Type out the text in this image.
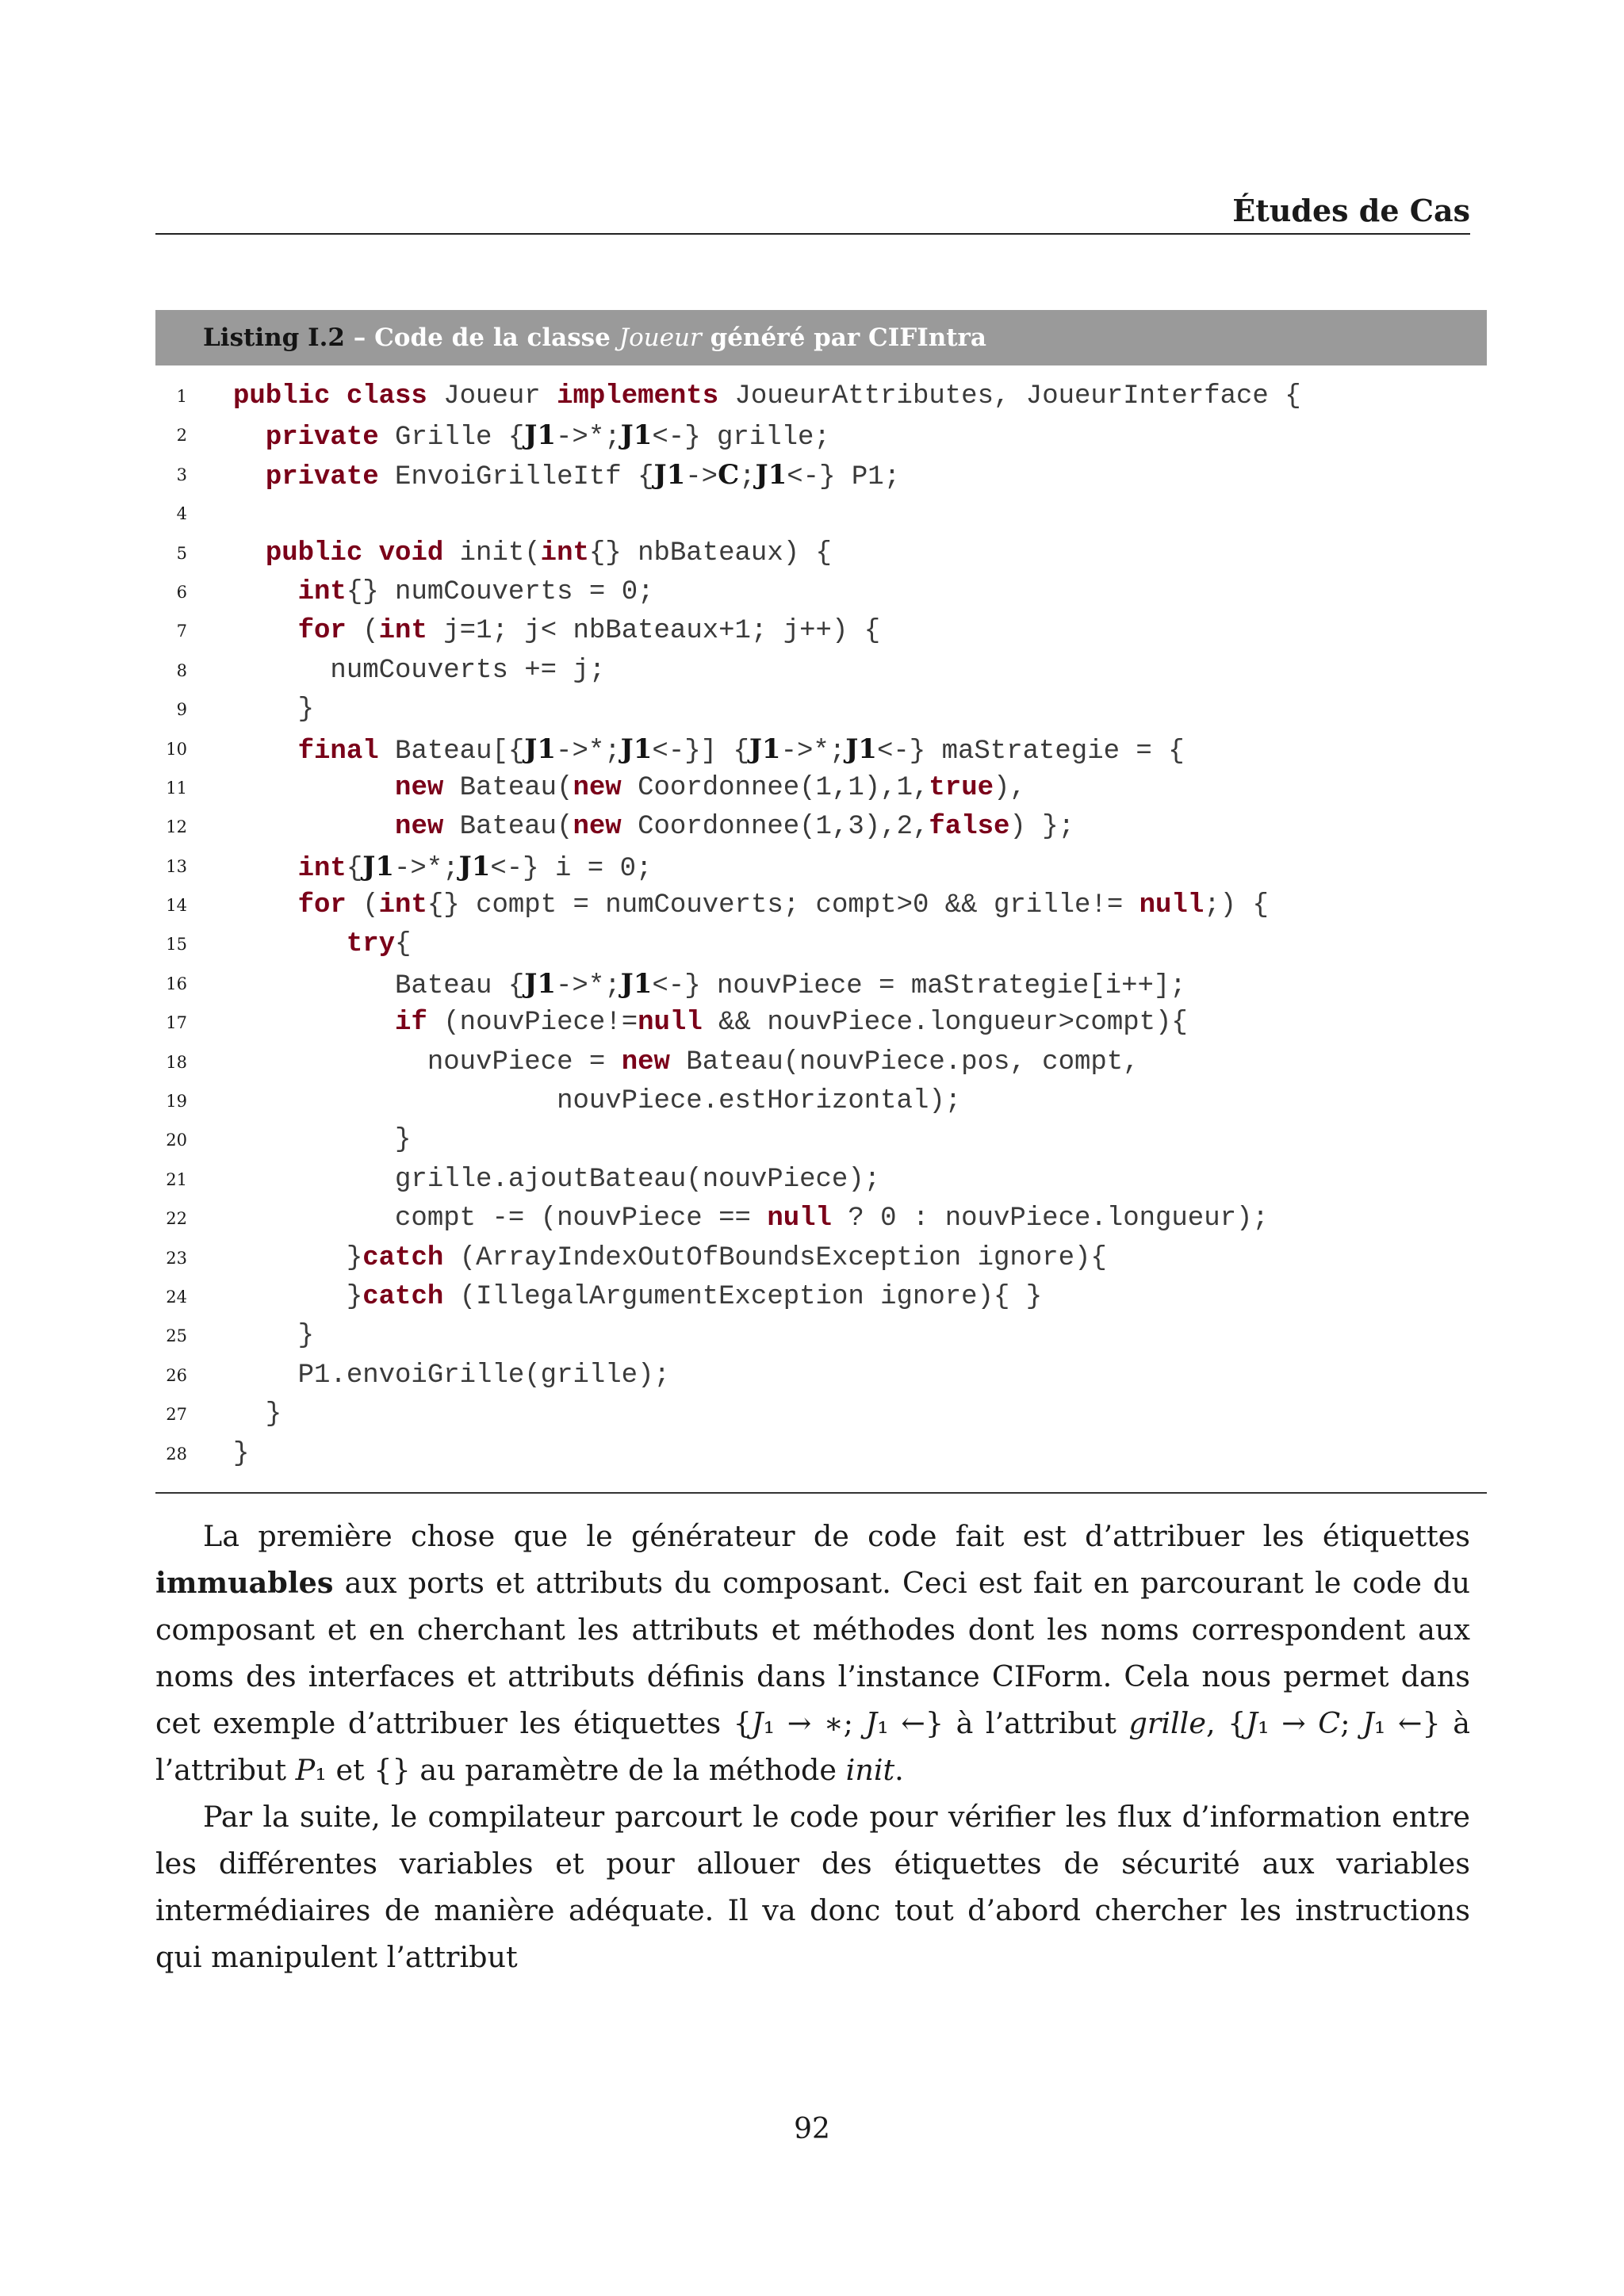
Études de Cas
Listing I.2 – Code de la classe Joueur généré par CIFIntra
1 public class Joueur implements JoueurAttributes, JoueurInterface {
2	private Grille {J1->*;J1<-} grille;
3	private EnvoiGrilleItf {J1->C;J1<-} P1;
4
5	public void init(int{} nbBateaux) {
6	int{} numCouverts = 0;
7	for (int j=1; j< nbBateaux+1; j++) {
8 numCouverts += j;
9 }
10	final Bateau[{J1->*;J1<-}] {J1->*;J1<-} maStrategie = {
11	new Bateau(new Coordonnee(1,1),1,true),
12	new Bateau(new Coordonnee(1,3),2,false) };
13	int{J1->*;J1<-} i = 0;
14	for (int{} compt = numCouverts; compt>0 && grille!= null;) {
15	try{
16 Bateau {J1->*;J1<-} nouvPiece = maStrategie[i++];
17	if (nouvPiece!=null && nouvPiece.longueur>compt){
18 nouvPiece = new Bateau(nouvPiece.pos, compt,
19 nouvPiece.estHorizontal);
20 }
21 grille.ajoutBateau(nouvPiece);
22 compt -= (nouvPiece == null ? 0 : nouvPiece.longueur);
23 }catch (ArrayIndexOutOfBoundsException ignore){
24 }catch (IllegalArgumentException ignore){ }
25 }
26 P1.envoiGrille(grille);
27 }
28 }

La première chose que le générateur de code fait est d’attribuer les étiquettes immuables aux ports et attributs du composant. Ceci est fait en parcourant le code du composant et en cherchant les attributs et méthodes dont les noms correspondent aux noms des interfaces et attributs définis dans l’instance CIForm. Cela nous permet dans cet exemple d’attribuer les étiquettes {J₁ → ∗; J₁ ←} à l’attribut grille, {J₁ → C; J₁ ←} à l’attribut P₁ et {} au paramètre de la méthode init.

Par la suite, le compilateur parcourt le code pour vérifier les flux d’information entre les différentes variables et pour allouer des étiquettes de sécurité aux variables intermédiaires de manière adéquate. Il va donc tout d’abord chercher les instructions qui manipulent l’attribut

92
